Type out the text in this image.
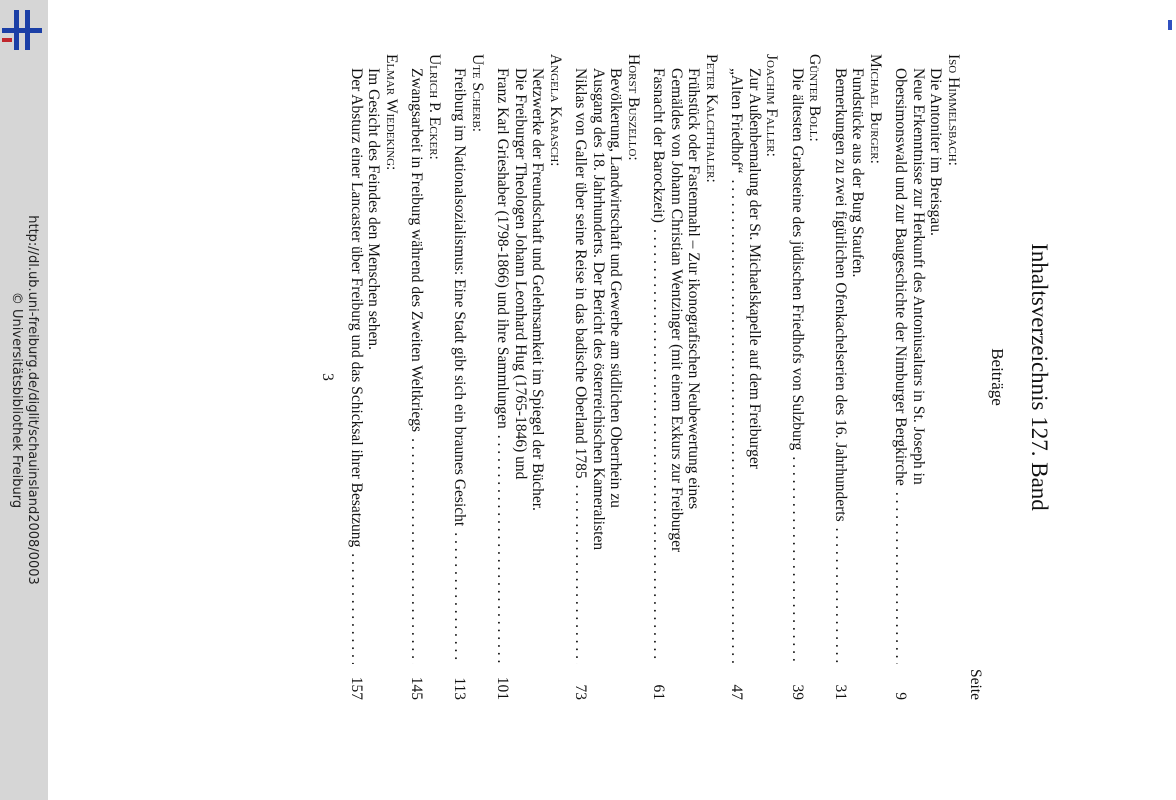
http://dl.ub.uni-freiburg.de/diglit/schauinsland2008/0003
© Universitätsbibliothek Freiburg	Inhaltsverzeichnis 127. Band
Beiträge
Seite
Iso Himmelsbach:
Die Antoniter im Breisgau.
Neue Erkenntnisse zur Herkunft des Antoniusaltars in St. Joseph in
Obersimonswald und zur Baugeschichte der Nimburger Bergkirche
. . .
9
Michael Burger:
Fundstücke aus der Burg Staufen.
Bemerkungen zu zwei figürlichen Ofenkachelserien des 16. Jahrhunderts
. . .
31
Günter Boll:
Die ältesten Grabsteine des jüdischen Friedhofs von Sulzburg
. . .
39
Joachim Faller:
Zur Außenbemalung der St. Michaelskapelle auf dem Freiburger
„Alten Friedhof“
. . .
47
Peter Kalchthaler:
Frühstück oder Fastenmahl – Zur ikonografischen Neubewertung eines
Gemäldes von Johann Christian Wentzinger (mit einem Exkurs zur Freiburger
Fasnacht der Barockzeit)
. . .
61
Horst Buszello:
Bevölkerung, Landwirtschaft und Gewerbe am südlichen Oberrhein zu
Ausgang des 18. Jahrhunderts. Der Bericht des österreichischen Kameralisten
Niklas von Galler über seine Reise in das badische Oberland 1785
. . .
73
Angela Karasch:
Netzwerke der Freundschaft und Gelehrsamkeit im Spiegel der Bücher.
Die Freiburger Theologen Johann Leonhard Hug (1765-1846) und
Franz Karl Grieshaber (1798-1866) und ihre Sammlungen
. . .
101
Ute Scherb:
Freiburg im Nationalsozialismus: Eine Stadt gibt sich ein braunes Gesicht
. . .
113
Ulrich P. Ecker:
Zwangsarbeit in Freiburg während des Zweiten Weltkriegs
. . .
145
Elmar Wiedeking:
Im Gesicht des Feindes den Menschen sehen.
Der Absturz einer Lancaster über Freiburg und das Schicksal ihrer Besatzung
. . .
157
3
